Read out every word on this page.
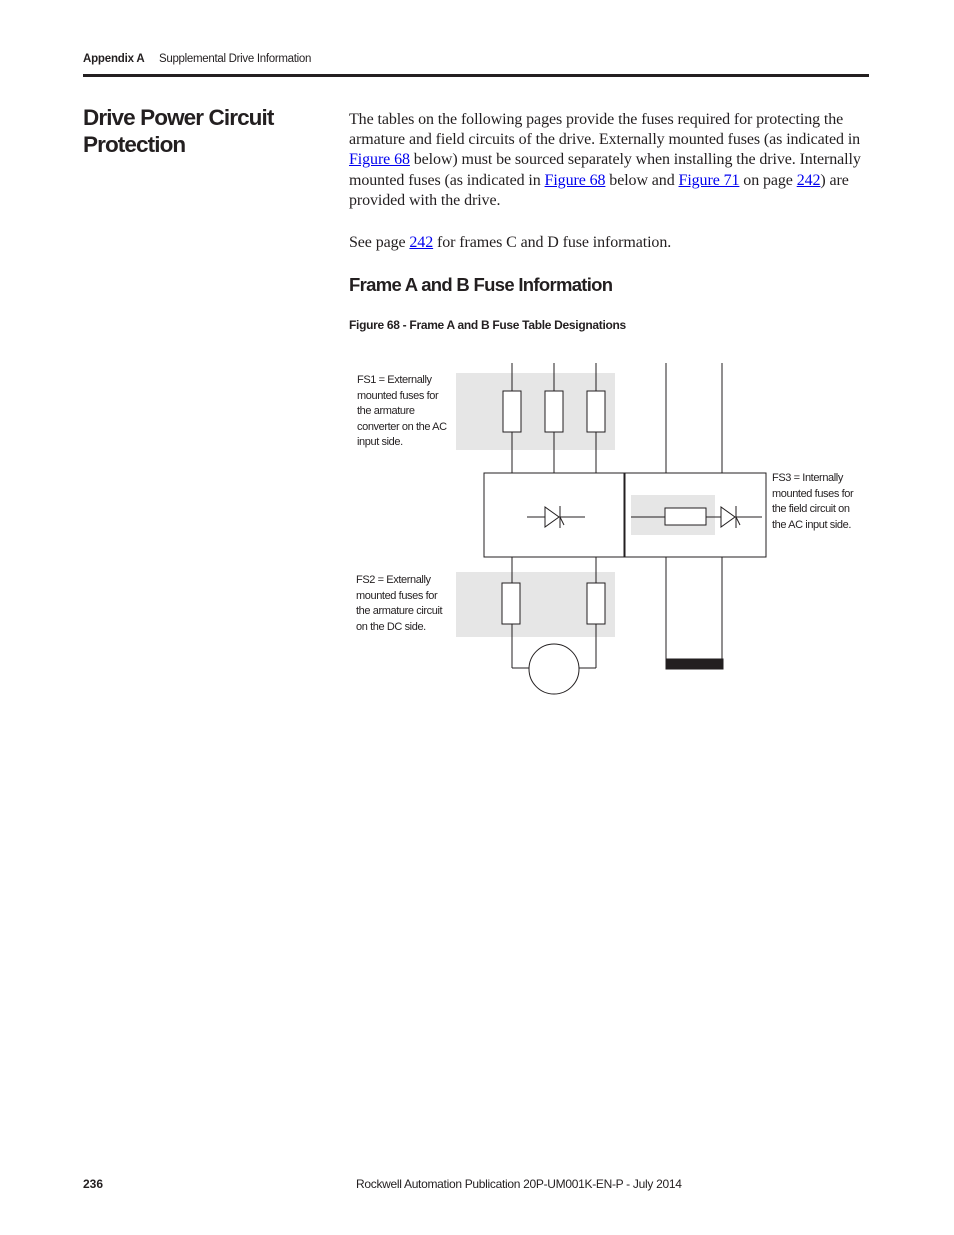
Appendix A Supplemental Drive Information
Drive Power Circuit Protection

The tables on the following pages provide the fuses required for protecting the armature and field circuits of the drive. Externally mounted fuses (as indicated in Figure 68 below) must be sourced separately when installing the drive. Internally mounted fuses (as indicated in Figure 68 below and Figure 71 on page 242) are provided with the drive.

See page 242 for frames C and D fuse information.

Frame A and B Fuse Information
Figure 68 - Frame A and B Fuse Table Designations
FS1 = Externally mounted fuses for the armature converter on the AC input side.
FS2 = Externally mounted fuses for the armature circuit on the DC side.
FS3 = Internally mounted fuses for the field circuit on the AC input side.
236	Rockwell Automation Publication 20P-UM001K-EN-P - July 2014
